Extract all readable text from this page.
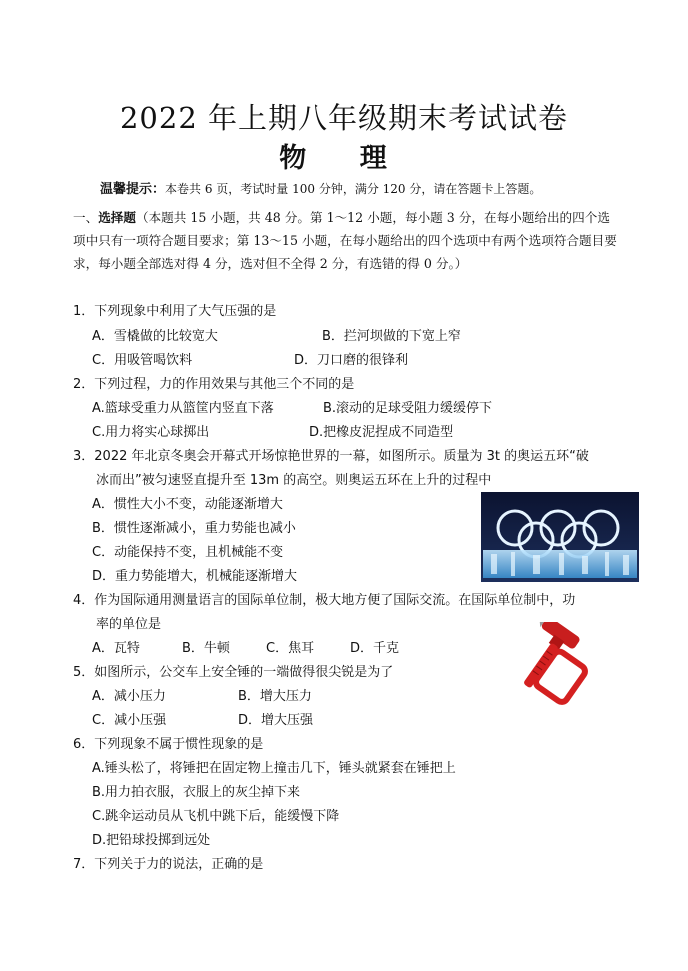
2022 年上期八年级期末考试试卷
物 理
温馨提示：本卷共 6 页，考试时量 100 分钟，满分 120 分，请在答题卡上答题。
一、选择题（本题共 15 小题，共 48 分。第 1～12 小题，每小题 3 分，在每小题给出的四个选项中只有一项符合题目要求；第 13～15 小题，在每小题给出的四个选项中有两个选项符合题目要求，每小题全部选对得 4 分，选对但不全得 2 分，有选错的得 0 分。）
1．下列现象中利用了大气压强的是
A．雪橇做的比较宽大	B．拦河坝做的下宽上窄
C．用吸管喝饮料	D．刀口磨的很锋利
2．下列过程，力的作用效果与其他三个不同的是
A.篮球受重力从篮筐内竖直下落	B.滚动的足球受阻力缓缓停下
C.用力将实心球掷出	D.把橡皮泥捏成不同造型
3．2022 年北京冬奥会开幕式开场惊艳世界的一幕，如图所示。质量为 3t 的奥运五环“破
冰而出”被匀速竖直提升至 13m 的高空。则奥运五环在上升的过程中
A．惯性大小不变，动能逐渐增大
B．惯性逐渐减小，重力势能也减小
C．动能保持不变，且机械能不变
D．重力势能增大，机械能逐渐增大
4．作为国际通用测量语言的国际单位制，极大地方便了国际交流。在国际单位制中，功
率的单位是
A．瓦特	B．牛顿	C．焦耳	D．千克
5．如图所示，公交车上安全锤的一端做得很尖锐是为了
A．减小压力	B．增大压力
C．减小压强	D．增大压强
6．下列现象不属于惯性现象的是
A.锤头松了，将锤把在固定物上撞击几下，锤头就紧套在锤把上
B.用力拍衣服，衣服上的灰尘掉下来
C.跳伞运动员从飞机中跳下后，能缓慢下降
D.把铅球投掷到远处
7．下列关于力的说法，正确的是
